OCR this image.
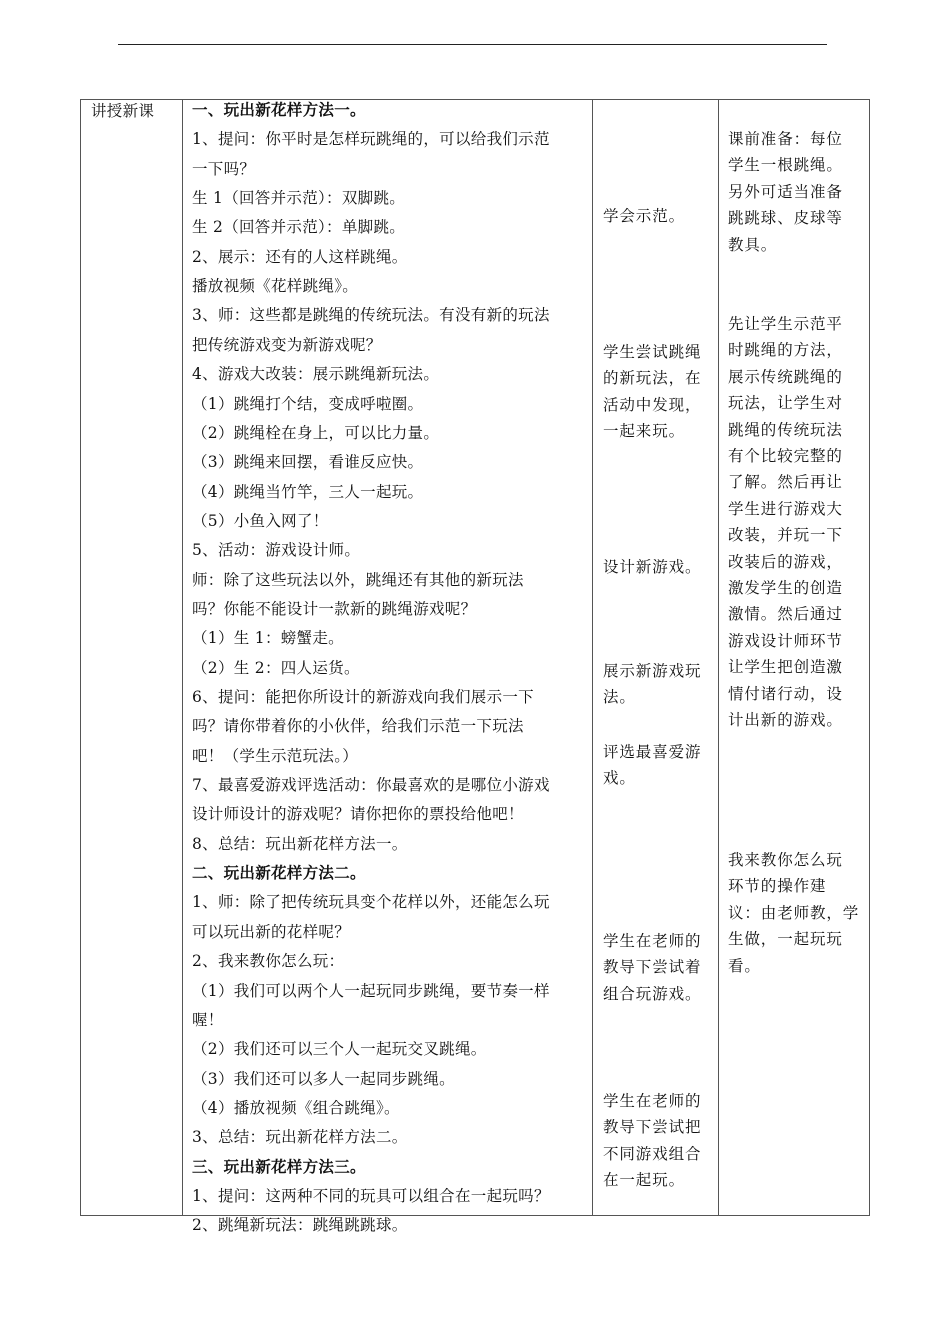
讲授新课	一、玩出新花样方法一。
1、提问：你平时是怎样玩跳绳的，可以给我们示范
一下吗？
生 1（回答并示范）：双脚跳。
生 2（回答并示范）：单脚跳。
2、展示：还有的人这样跳绳。
播放视频《花样跳绳》。
3、师：这些都是跳绳的传统玩法。有没有新的玩法
把传统游戏变为新游戏呢？
4、游戏大改装：展示跳绳新玩法。
（1）跳绳打个结，变成呼啦圈。
（2）跳绳栓在身上，可以比力量。
（3）跳绳来回摆，看谁反应快。
（4）跳绳当竹竿，三人一起玩。
（5）小鱼入网了！
5、活动：游戏设计师。
师：除了这些玩法以外，跳绳还有其他的新玩法
吗？你能不能设计一款新的跳绳游戏呢？
（1）生 1：螃蟹走。
（2）生 2：四人运货。
6、提问：能把你所设计的新游戏向我们展示一下
吗？请你带着你的小伙伴，给我们示范一下玩法
吧！（学生示范玩法。）
7、最喜爱游戏评选活动：你最喜欢的是哪位小游戏
设计师设计的游戏呢？请你把你的票投给他吧！
8、总结：玩出新花样方法一。
二、玩出新花样方法二。
1、师：除了把传统玩具变个花样以外，还能怎么玩
可以玩出新的花样呢？
2、我来教你怎么玩：
（1）我们可以两个人一起玩同步跳绳，要节奏一样
喔！
（2）我们还可以三个人一起玩交叉跳绳。
（3）我们还可以多人一起同步跳绳。
（4）播放视频《组合跳绳》。
3、总结：玩出新花样方法二。
三、玩出新花样方法三。
1、提问：这两种不同的玩具可以组合在一起玩吗？
2、跳绳新玩法：跳绳跳跳球。
学会示范。
学生尝试跳绳
的新玩法，在
活动中发现，
一起来玩。
设计新游戏。
展示新游戏玩
法。
评选最喜爱游
戏。
学生在老师的
教导下尝试着
组合玩游戏。
学生在老师的
教导下尝试把
不同游戏组合
在一起玩。
课前准备：每位
学生一根跳绳。
另外可适当准备
跳跳球、皮球等
教具。
先让学生示范平
时跳绳的方法，
展示传统跳绳的
玩法，让学生对
跳绳的传统玩法
有个比较完整的
了解。然后再让
学生进行游戏大
改装，并玩一下
改装后的游戏，
激发学生的创造
激情。然后通过
游戏设计师环节
让学生把创造激
情付诸行动，设
计出新的游戏。
我来教你怎么玩
环节的操作建
议：由老师教，学
生做，一起玩玩
看。
